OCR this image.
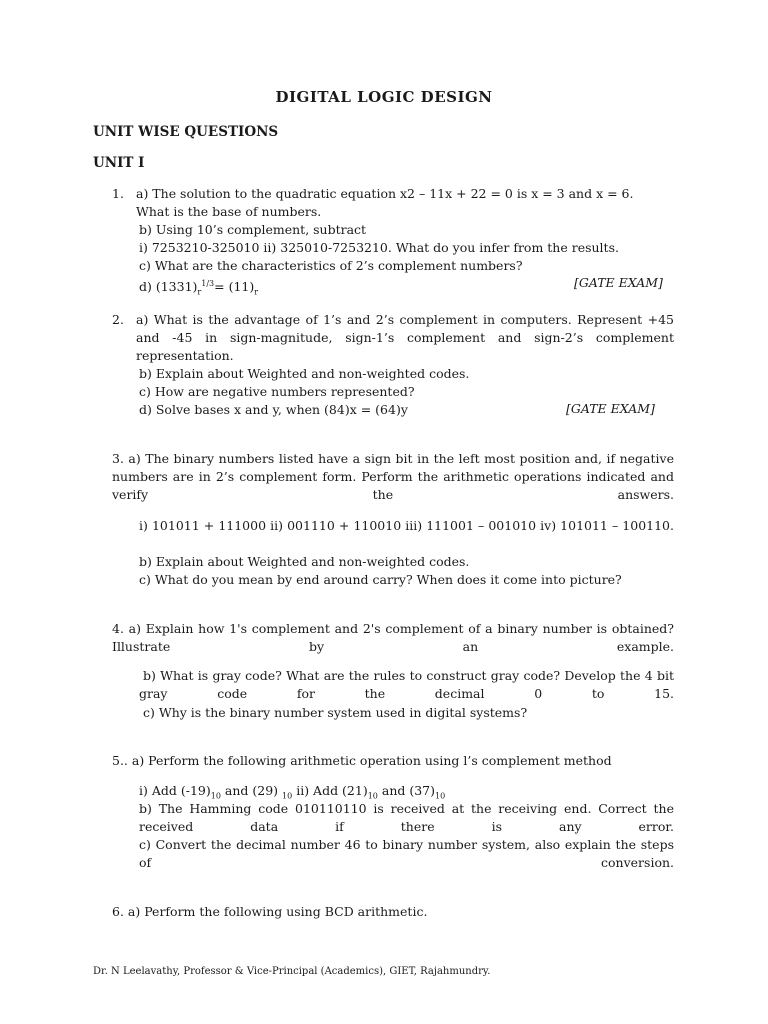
DIGITAL LOGIC DESIGN
UNIT WISE QUESTIONS
UNIT I
1. a) The solution to the quadratic equation x2 – 11x + 22 = 0 is x = 3 and x = 6.
What is the base of numbers.
b) Using 10’s complement, subtract
i) 7253210-325010 ii) 325010-7253210. What do you infer from the results.
c) What are the characteristics of 2’s complement numbers?
d) $(1331)_r^{1/3}= (11)_r$
[GATE EXAM]
2. a) What is the advantage of 1’s and 2’s complement in computers. Represent +45 and -45 in sign-magnitude, sign-1’s complement and sign-2’s complement representation.
b) Explain about Weighted and non-weighted codes.
c) How are negative numbers represented?
d) Solve bases x and y, when (84)x = (64)y	[GATE EXAM]
3. a) The binary numbers listed have a sign bit in the left most position and, if negative numbers are in 2’s complement form. Perform the arithmetic operations indicated and verify the answers.
i) 101011 + 111000 ii) 001110 + 110010 iii) 111001 – 001010 iv) 101011 – 100110.
b) Explain about Weighted and non-weighted codes.
c) What do you mean by end around carry? When does it come into picture?
4. a) Explain how 1's complement and 2's complement of a binary number is obtained? Illustrate by an example.
b) What is gray code? What are the rules to construct gray code? Develop the 4 bit gray code for the decimal 0 to 15.
c) Why is the binary number system used in digital systems?
5.. a) Perform the following arithmetic operation using l’s complement method
i) Add $(-19)_{10}$ and (29) $_{10}$ ii) Add $(21)_{10}$ and $(37)_{10}$
b) The Hamming code 010110110 is received at the receiving end. Correct the received data if there is any error.
c) Convert the decimal number 46 to binary number system, also explain the steps of conversion.
6. a) Perform the following using BCD arithmetic.
Dr. N Leelavathy, Professor & Vice-Principal (Academics), GIET, Rajahmundry.
